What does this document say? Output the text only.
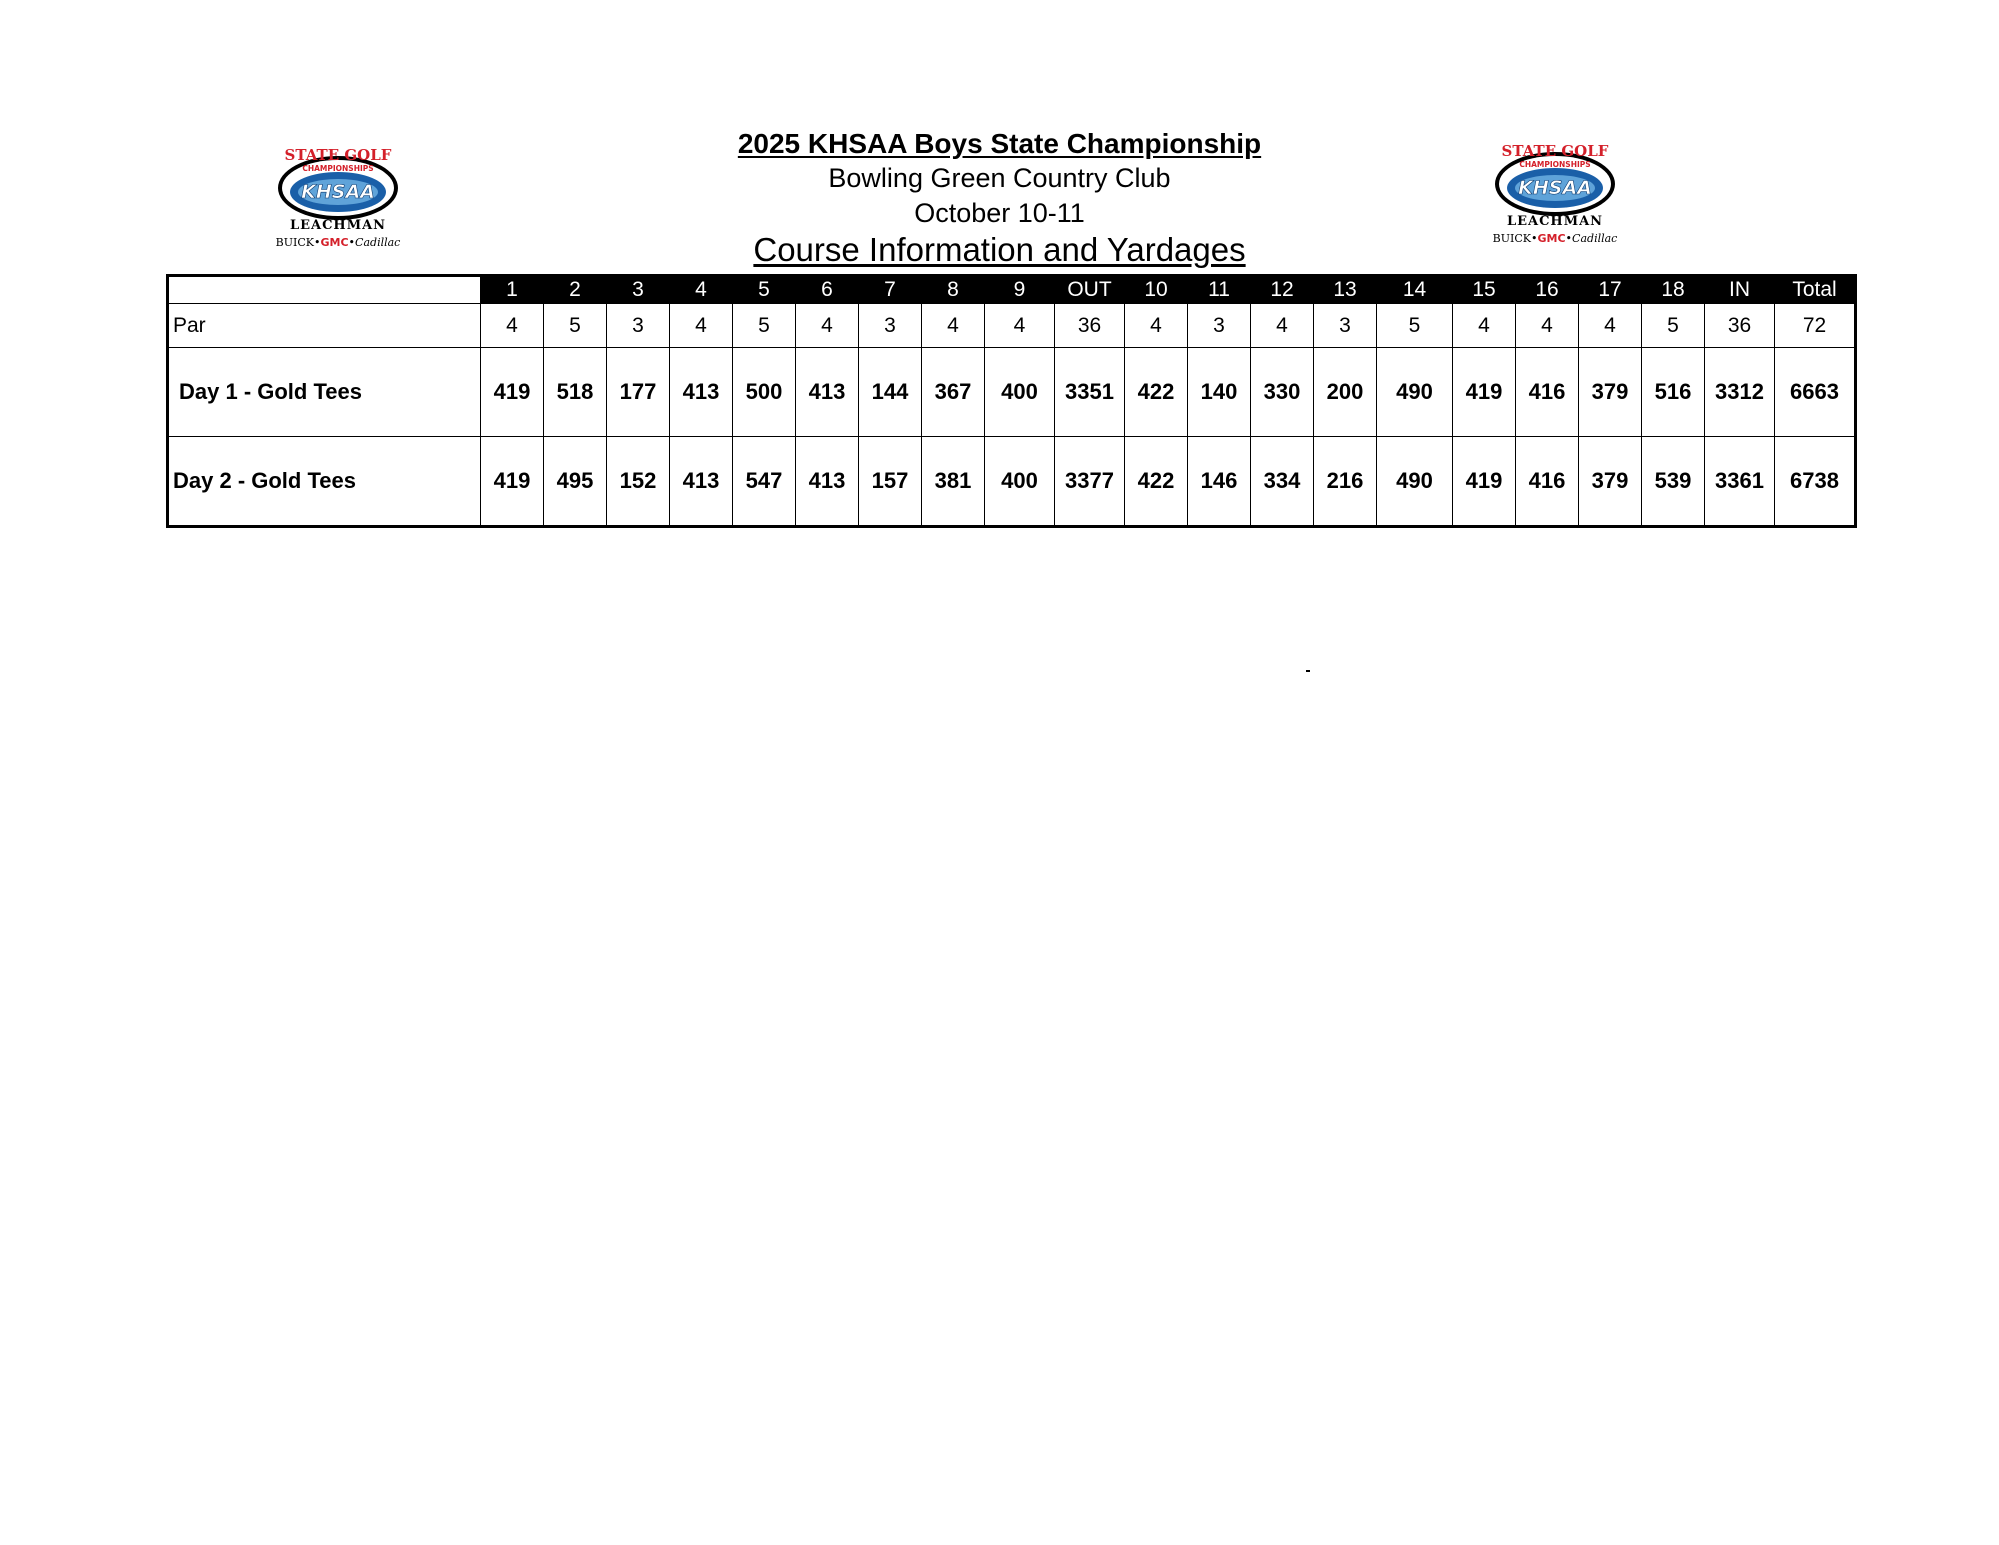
STATE GOLF
CHAMPIONSHIPS
KHSAA
LEACHMAN
BUICK•GMC•Cadillac
STATE GOLF
CHAMPIONSHIPS
KHSAA
LEACHMAN
BUICK•GMC•Cadillac
2025 KHSAA Boys State Championship
Bowling Green Country Club
October 10-11
Course Information and Yardages
	1	2	3	4	5	6	7	8	9	OUT	10	11	12	13	14	15	16	17	18	IN	Total
Par	4	5	3	4	5	4	3	4	4	36	4	3	4	3	5	4	4	4	5	36	72
Day 1 - Gold Tees	419	518	177	413	500	413	144	367	400	3351	422	140	330	200	490	419	416	379	516	3312	6663
Day 2 - Gold Tees	419	495	152	413	547	413	157	381	400	3377	422	146	334	216	490	419	416	379	539	3361	6738
